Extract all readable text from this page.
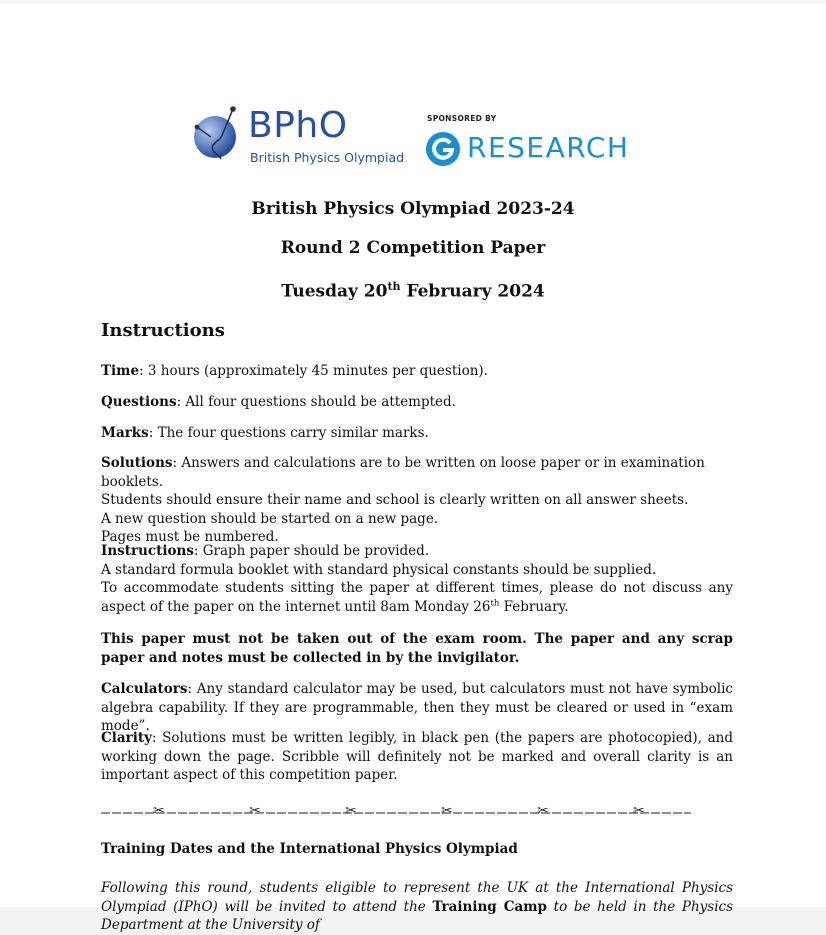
BPhO
British Physics Olympiad
SPONSORED BY
RESEARCH
British Physics Olympiad 2023-24
Round 2 Competition Paper
Tuesday 20th February 2024
Instructions
Time: 3 hours (approximately 45 minutes per question).
Questions: All four questions should be attempted.
Marks: The four questions carry similar marks.
Solutions: Answers and calculations are to be written on loose paper or in examination booklets.
Students should ensure their name and school is clearly written on all answer sheets.
A new question should be started on a new page.
Pages must be numbered.
Instructions: Graph paper should be provided.
A standard formula booklet with standard physical constants should be supplied.
To accommodate students sitting the paper at different times, please do not discuss any aspect of the paper on the internet until 8am Monday 26th February.
This paper must not be taken out of the exam room. The paper and any scrap paper and notes must be collected in by the invigilator.
Calculators: Any standard calculator may be used, but calculators must not have symbolic algebra capability. If they are programmable, then they must be cleared or used in “exam mode”.
Clarity: Solutions must be written legibly, in black pen (the papers are photocopied), and working down the page. Scribble will definitely not be marked and overall clarity is an important aspect of this competition paper.
✂	✂	✂	✂	✂	✂
Training Dates and the International Physics Olympiad
Following this round, students eligible to represent the UK at the International Physics Olympiad (IPhO) will be invited to attend the Training Camp to be held in the Physics Department at the University of
